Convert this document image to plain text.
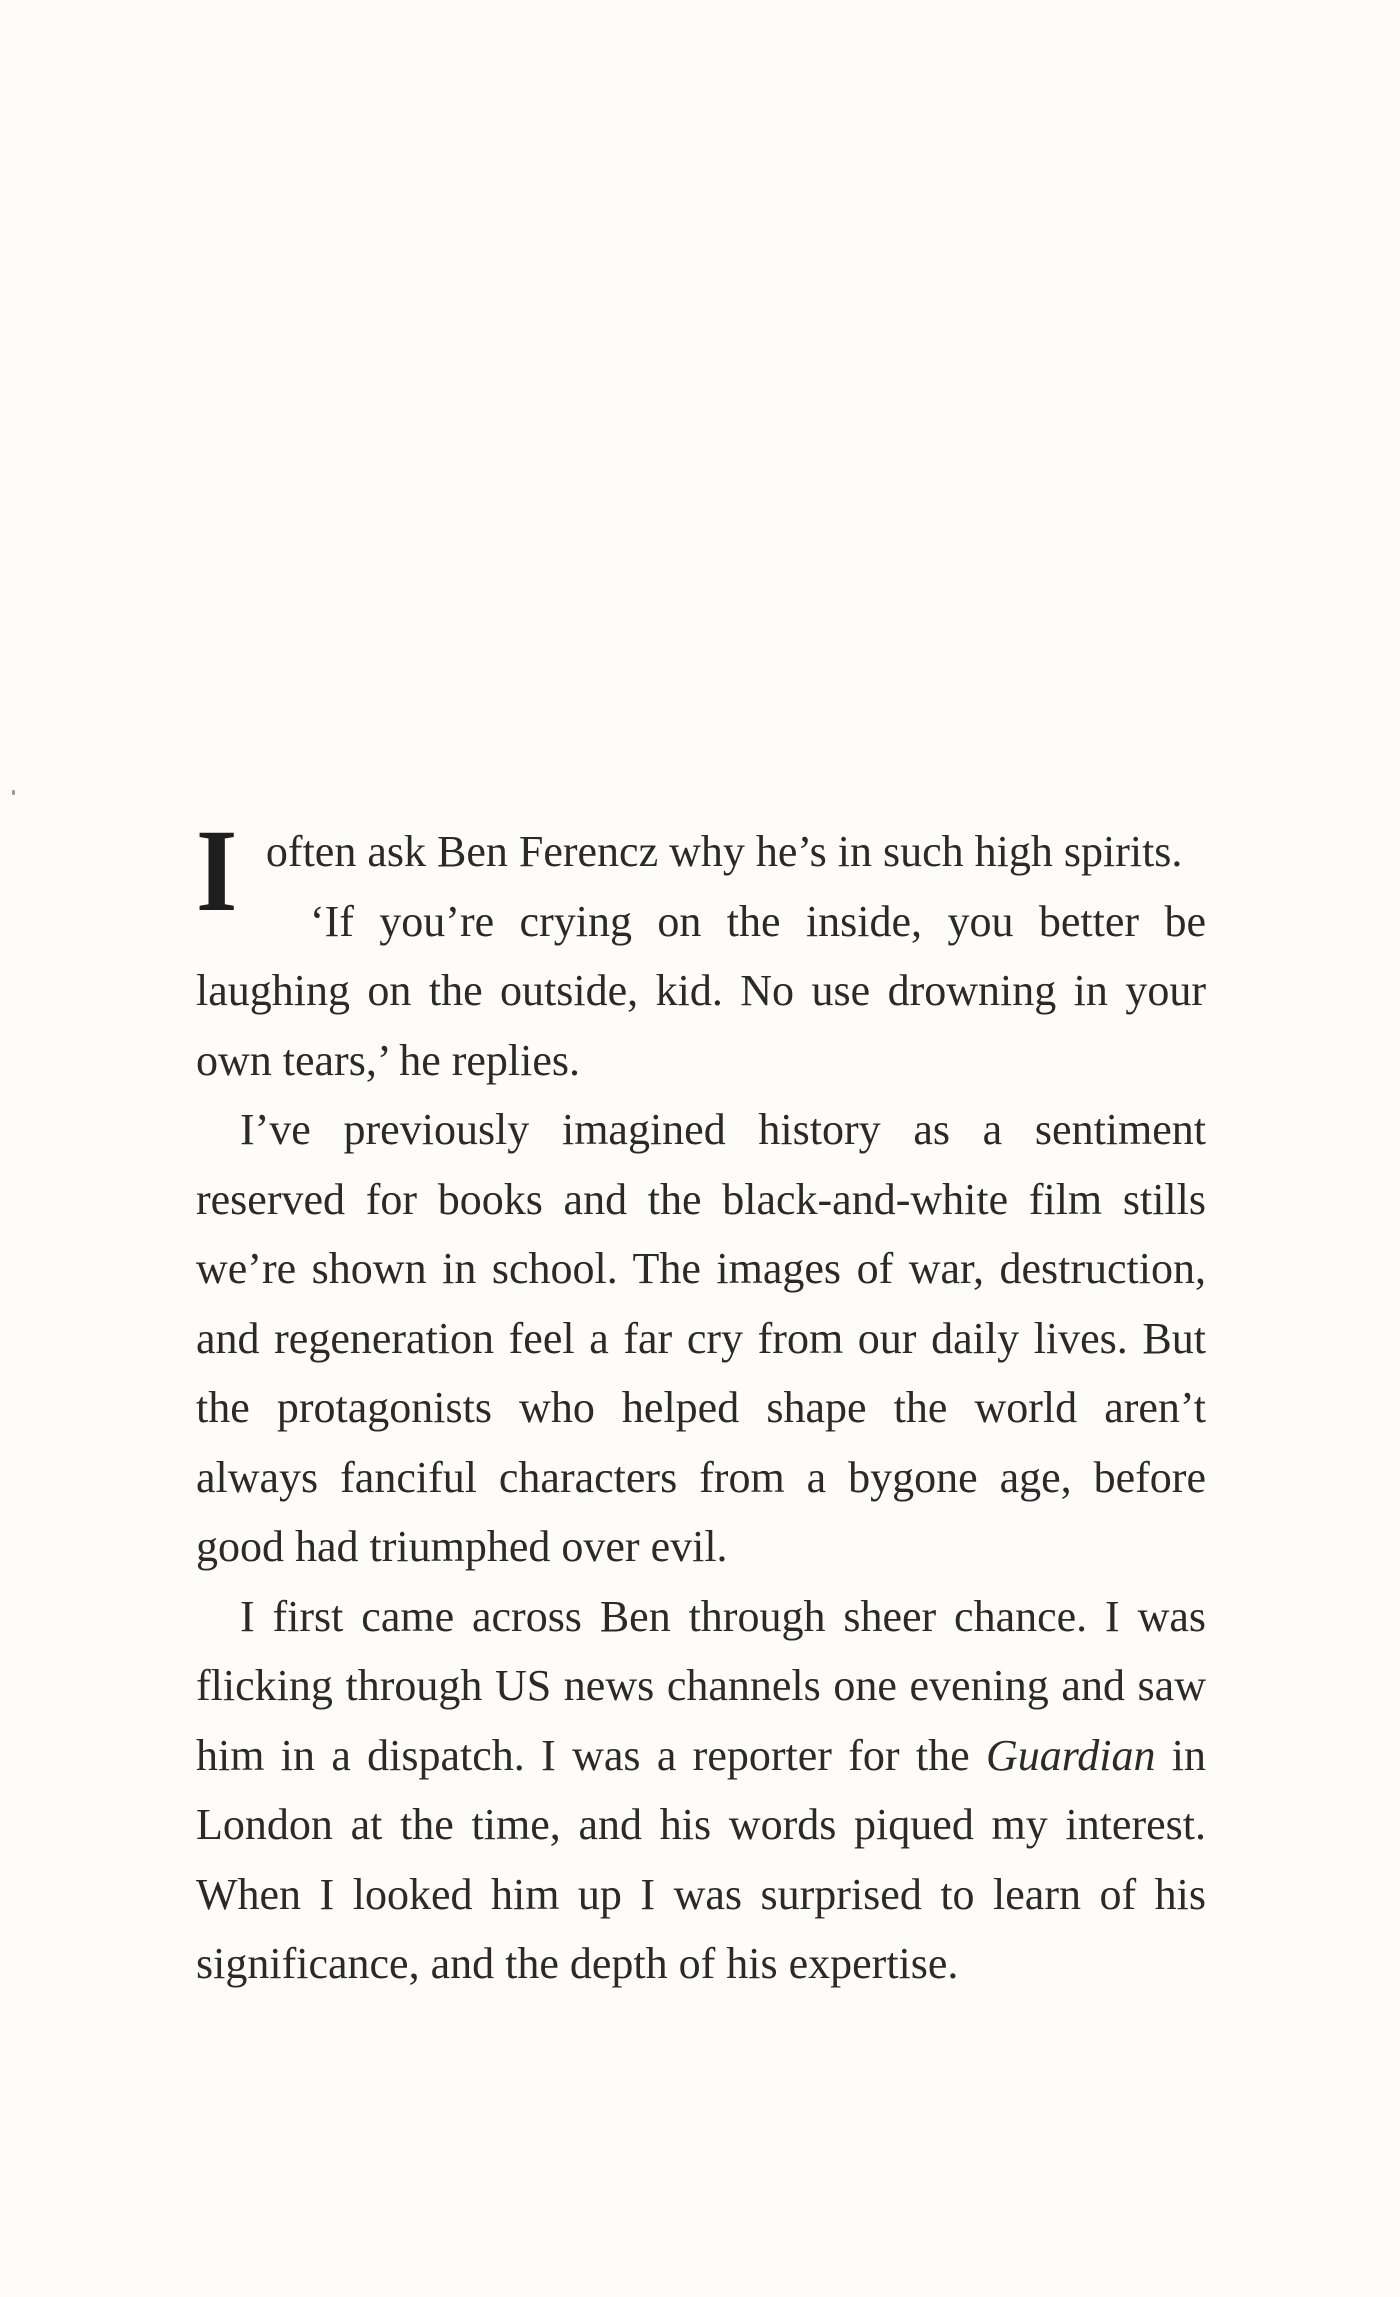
I often ask Ben Ferencz why he’s in such high spirits.

‘If you’re crying on the inside, you better be laughing on the outside, kid. No use drowning in your own tears,’ he replies.

I’ve previously imagined history as a sentiment reserved for books and the black-and-white film stills we’re shown in school. The images of war, destruction, and regeneration feel a far cry from our daily lives. But the protagonists who helped shape the world aren’t always fanciful characters from a bygone age, before good had triumphed over evil.

I first came across Ben through sheer chance. I was flicking through US news channels one evening and saw him in a dispatch. I was a reporter for the Guardian in London at the time, and his words piqued my interest. When I looked him up I was surprised to learn of his significance, and the depth of his expertise.
